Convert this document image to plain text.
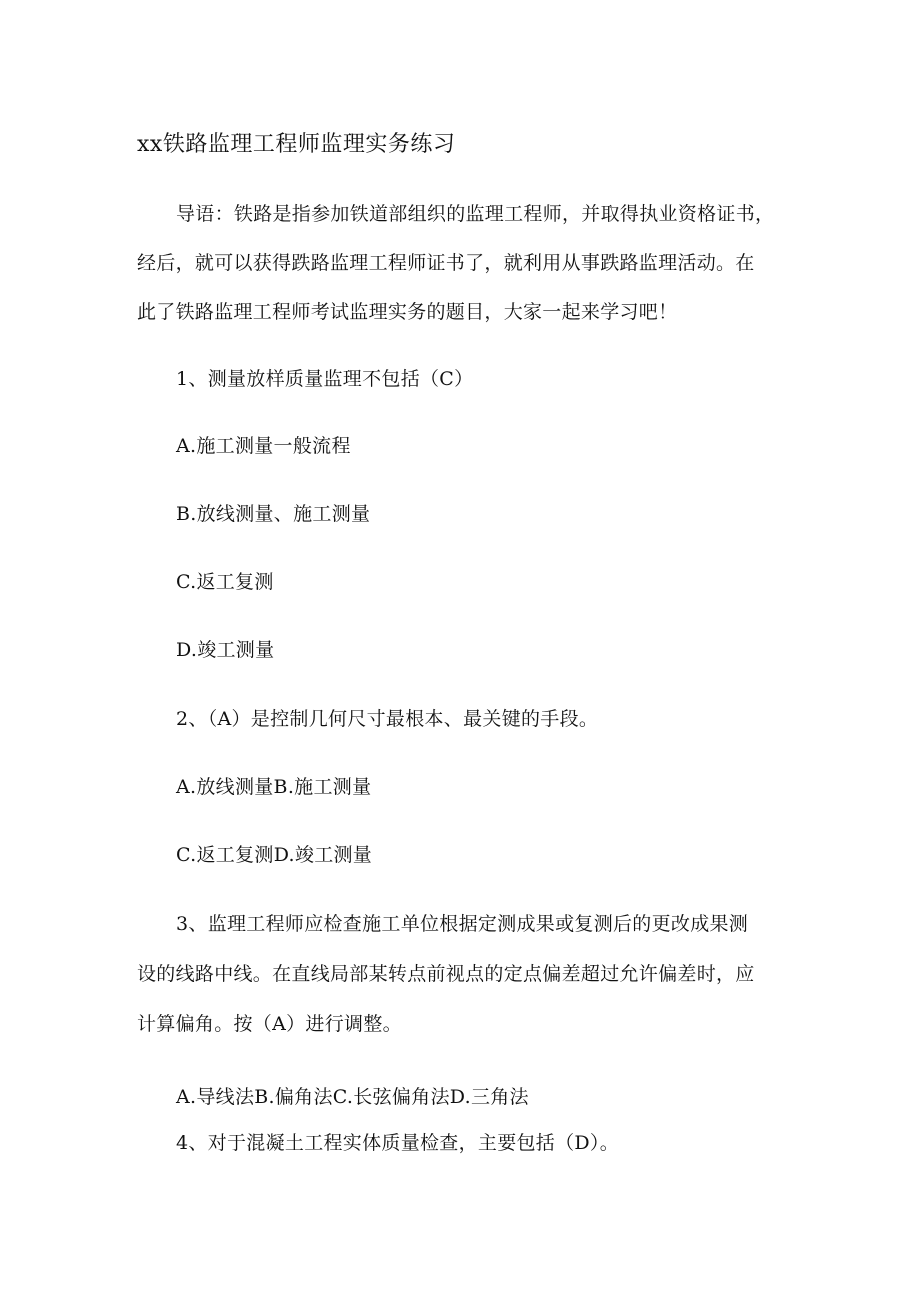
xx铁路监理工程师监理实务练习
导语：铁路是指参加铁道部组织的监理工程师，并取得执业资格证书，
经后，就可以获得跌路监理工程师证书了，就利用从事跌路监理活动。在
此了铁路监理工程师考试监理实务的题目，大家一起来学习吧！
1、测量放样质量监理不包括（C）
A.施工测量一般流程
B.放线测量、施工测量
C.返工复测
D.竣工测量
2、（A）是控制几何尺寸最根本、最关键的手段。
A.放线测量B.施工测量
C.返工复测D.竣工测量
3、监理工程师应检查施工单位根据定测成果或复测后的更改成果测
设的线路中线。在直线局部某转点前视点的定点偏差超过允许偏差时，应
计算偏角。按（A）进行调整。
A.导线法B.偏角法C.长弦偏角法D.三角法
4、对于混凝土工程实体质量检查，主要包括（D）。
